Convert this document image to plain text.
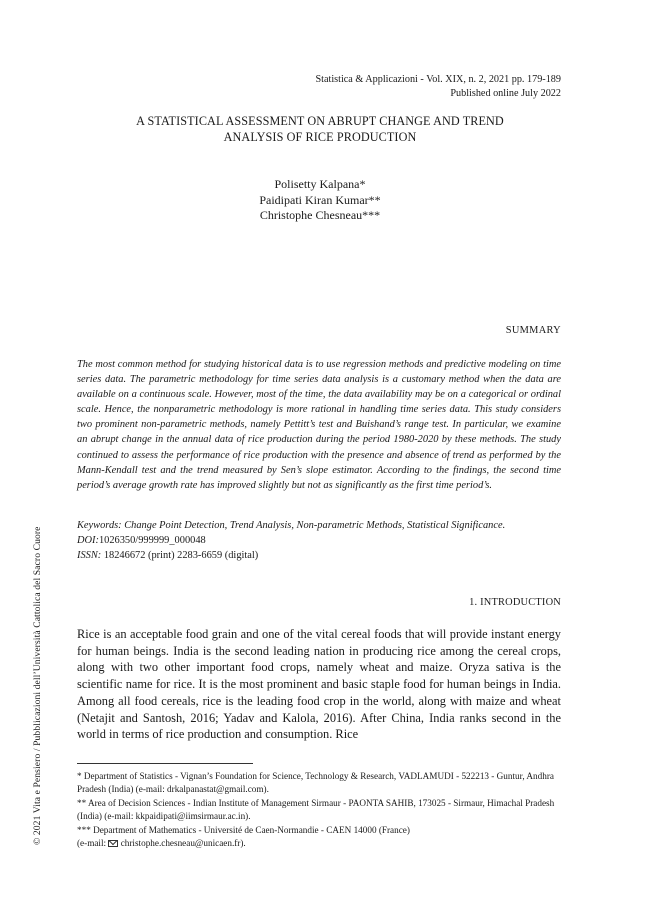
Statistica & Applicazioni - Vol. XIX, n. 2, 2021 pp. 179-189
Published online July 2022
A STATISTICAL ASSESSMENT ON ABRUPT CHANGE AND TREND
ANALYSIS OF RICE PRODUCTION
Polisetty Kalpana*
Paidipati Kiran Kumar**
Christophe Chesneau***
SUMMARY
The most common method for studying historical data is to use regression methods and predictive modeling on time series data. The parametric methodology for time series data analysis is a customary method when the data are available on a continuous scale. However, most of the time, the data availability may be on a categorical or ordinal scale. Hence, the nonparametric methodology is more rational in handling time series data. This study considers two prominent non-parametric methods, namely Pettitt’s test and Buishand’s range test. In particular, we examine an abrupt change in the annual data of rice production during the period 1980-2020 by these methods. The study continued to assess the performance of rice production with the presence and absence of trend as performed by the Mann-Kendall test and the trend measured by Sen’s slope estimator. According to the findings, the second time period’s average growth rate has improved slightly but not as significantly as the first time period’s.
Keywords: Change Point Detection, Trend Analysis, Non-parametric Methods, Statistical Significance.
DOI:1026350/999999_000048
ISSN: 18246672 (print) 2283-6659 (digital)
1. INTRODUCTION
Rice is an acceptable food grain and one of the vital cereal foods that will provide instant energy for human beings. India is the second leading nation in producing rice among the cereal crops, along with two other important food crops, namely wheat and maize. Oryza sativa is the scientific name for rice. It is the most prominent and basic staple food for human beings in India. Among all food cereals, rice is the leading food crop in the world, along with maize and wheat (Netajit and Santosh, 2016; Yadav and Kalola, 2016). After China, India ranks second in the world in terms of rice production and consumption. Rice
* Department of Statistics - Vignan’s Foundation for Science, Technology & Research, VADLAMUDI - 522213 - Guntur, Andhra Pradesh (India) (e-mail: drkalpanastat@gmail.com).
** Area of Decision Sciences - Indian Institute of Management Sirmaur - PAONTA SAHIB, 173025 - Sirmaur, Himachal Pradesh (India) (e-mail: kkpaidipati@iimsirmaur.ac.in).
*** Department of Mathematics - Université de Caen-Normandie - CAEN 14000 (France)
(e-mail:  christophe.chesneau@unicaen.fr).
© 2021 Vita e Pensiero / Pubblicazioni dell’Università Cattolica del Sacro Cuore
